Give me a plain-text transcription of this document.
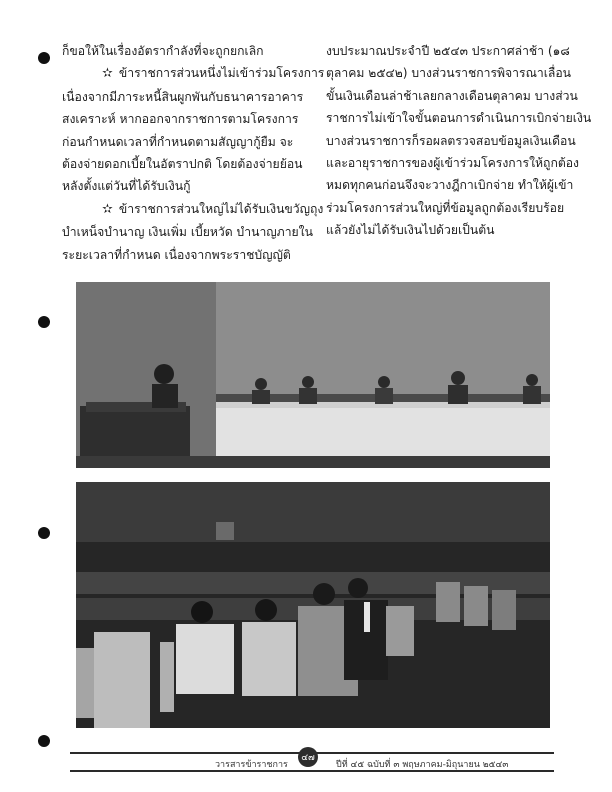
ก็ขอให้ในเรื่องอัตรากำลังที่จะถูกยกเลิก

✫ ข้าราชการส่วนหนึ่งไม่เข้าร่วมโครงการ

เนื่องจากมีภาระหนี้สินผูกพันกับธนาคารอาคาร

สงเคราะห์ หากออกจากราชการตามโครงการ

ก่อนกำหนดเวลาที่กำหนดตามสัญญากู้ยืม จะ

ต้องจ่ายดอกเบี้ยในอัตราปกติ โดยต้องจ่ายย้อน

หลังตั้งแต่วันที่ได้รับเงินกู้

✫ ข้าราชการส่วนใหญ่ไม่ได้รับเงินขวัญถุง

บำเหน็จบำนาญ เงินเพิ่ม เบี้ยหวัด บำนาญภายใน

ระยะเวลาที่กำหนด เนื่องจากพระราชบัญญัติ

งบประมาณประจำปี ๒๕๔๓ ประกาศล่าช้า (๑๘

ตุลาคม ๒๕๔๒) บางส่วนราชการพิจารณาเลื่อน

ขั้นเงินเดือนล่าช้าเลยกลางเดือนตุลาคม บางส่วน

ราชการไม่เข้าใจขั้นตอนการดำเนินการเบิกจ่ายเงิน

บางส่วนราชการก็รอผลตรวจสอบข้อมูลเงินเดือน

และอายุราชการของผู้เข้าร่วมโครงการให้ถูกต้อง

หมดทุกคนก่อนจึงจะวางฎีกาเบิกจ่าย ทำให้ผู้เข้า

ร่วมโครงการส่วนใหญ่ที่ข้อมูลถูกต้องเรียบร้อย

แล้วยังไม่ได้รับเงินไปด้วยเป็นต้น

วารสารข้าราชการ
๔๗
ปีที่ ๔๕ ฉบับที่ ๓ พฤษภาคม-มิถุนายน ๒๕๔๓
